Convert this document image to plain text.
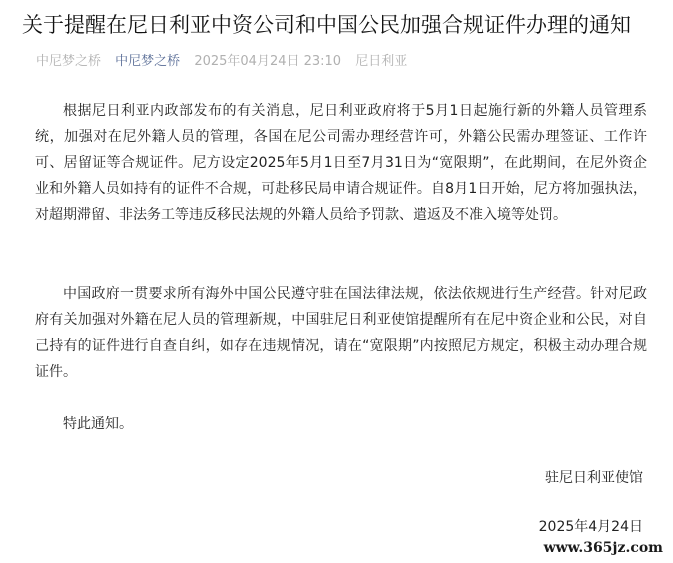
关于提醒在尼日利亚中资公司和中国公民加强合规证件办理的通知
中尼梦之桥 中尼梦之桥 2025年04月24日 23:10 尼日利亚

根据尼日利亚内政部发布的有关消息，尼日利亚政府将于5月1日起施行新的外籍人员管理系统，加强对在尼外籍人员的管理，各国在尼公司需办理经营许可，外籍公民需办理签证、工作许可、居留证等合规证件。尼方设定2025年5月1日至7月31日为“宽限期”，在此期间，在尼外资企业和外籍人员如持有的证件不合规，可赴移民局申请合规证件。自8月1日开始，尼方将加强执法，对超期滞留、非法务工等违反移民法规的外籍人员给予罚款、遣返及不准入境等处罚。

中国政府一贯要求所有海外中国公民遵守驻在国法律法规，依法依规进行生产经营。针对尼政府有关加强对外籍在尼人员的管理新规，中国驻尼日利亚使馆提醒所有在尼中资企业和公民，对自己持有的证件进行自查自纠，如存在违规情况，请在“宽限期”内按照尼方规定，积极主动办理合规证件。

特此通知。

驻尼日利亚使馆
2025年4月24日
www.365jz.com
